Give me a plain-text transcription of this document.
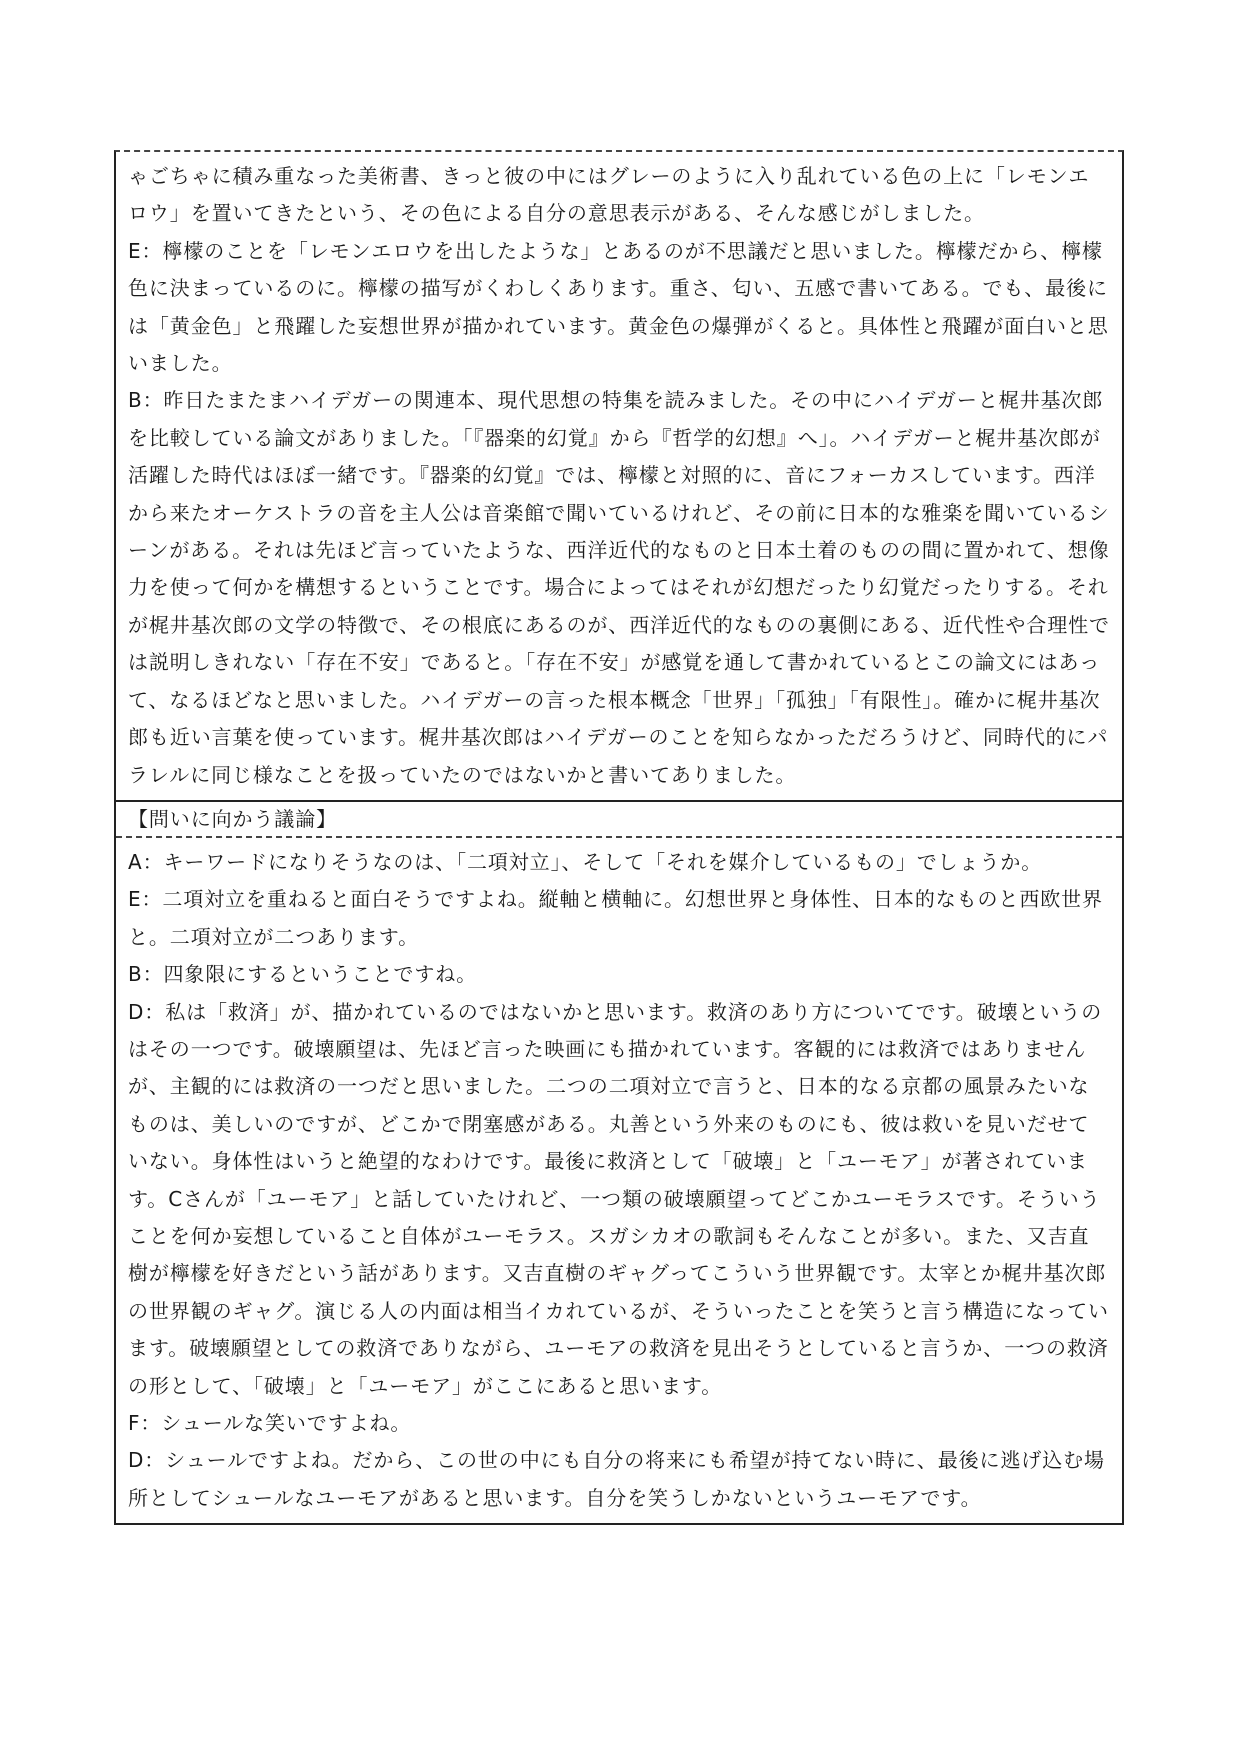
ゃごちゃに積み重なった美術書、きっと彼の中にはグレーのように入り乱れている色の上に「レモンエロウ」を置いてきたという、その色による自分の意思表示がある、そんな感じがしました。

E：檸檬のことを「レモンエロウを出したような」とあるのが不思議だと思いました。檸檬だから、檸檬色に決まっているのに。檸檬の描写がくわしくあります。重さ、匂い、五感で書いてある。でも、最後には「黄金色」と飛躍した妄想世界が描かれています。黄金色の爆弾がくると。具体性と飛躍が面白いと思いました。

B：昨日たまたまハイデガーの関連本、現代思想の特集を読みました。その中にハイデガーと梶井基次郎を比較している論文がありました。「『器楽的幻覚』から『哲学的幻想』へ」。ハイデガーと梶井基次郎が活躍した時代はほぼ一緒です。『器楽的幻覚』では、檸檬と対照的に、音にフォーカスしています。西洋から来たオーケストラの音を主人公は音楽館で聞いているけれど、その前に日本的な雅楽を聞いているシーンがある。それは先ほど言っていたような、西洋近代的なものと日本土着のものの間に置かれて、想像力を使って何かを構想するということです。場合によってはそれが幻想だったり幻覚だったりする。それが梶井基次郎の文学の特徴で、その根底にあるのが、西洋近代的なものの裏側にある、近代性や合理性では説明しきれない「存在不安」であると。「存在不安」が感覚を通して書かれているとこの論文にはあって、なるほどなと思いました。ハイデガーの言った根本概念「世界」「孤独」「有限性」。確かに梶井基次郎も近い言葉を使っています。梶井基次郎はハイデガーのことを知らなかっただろうけど、同時代的にパラレルに同じ様なことを扱っていたのではないかと書いてありました。

【問いに向かう議論】

A：キーワードになりそうなのは、「二項対立」、そして「それを媒介しているもの」でしょうか。

E：二項対立を重ねると面白そうですよね。縦軸と横軸に。幻想世界と身体性、日本的なものと西欧世界と。二項対立が二つあります。

B：四象限にするということですね。

D：私は「救済」が、描かれているのではないかと思います。救済のあり方についてです。破壊というのはその一つです。破壊願望は、先ほど言った映画にも描かれています。客観的には救済ではありませんが、主観的には救済の一つだと思いました。二つの二項対立で言うと、日本的なる京都の風景みたいなものは、美しいのですが、どこかで閉塞感がある。丸善という外来のものにも、彼は救いを見いだせていない。身体性はいうと絶望的なわけです。最後に救済として「破壊」と「ユーモア」が著されています。Cさんが「ユーモア」と話していたけれど、一つ類の破壊願望ってどこかユーモラスです。そういうことを何か妄想していること自体がユーモラス。スガシカオの歌詞もそんなことが多い。また、又吉直樹が檸檬を好きだという話があります。又吉直樹のギャグってこういう世界観です。太宰とか梶井基次郎の世界観のギャグ。演じる人の内面は相当イカれているが、そういったことを笑うと言う構造になっています。破壊願望としての救済でありながら、ユーモアの救済を見出そうとしていると言うか、一つの救済の形として、「破壊」と「ユーモア」がここにあると思います。

F：シュールな笑いですよね。

D：シュールですよね。だから、この世の中にも自分の将来にも希望が持てない時に、最後に逃げ込む場所としてシュールなユーモアがあると思います。自分を笑うしかないというユーモアです。
